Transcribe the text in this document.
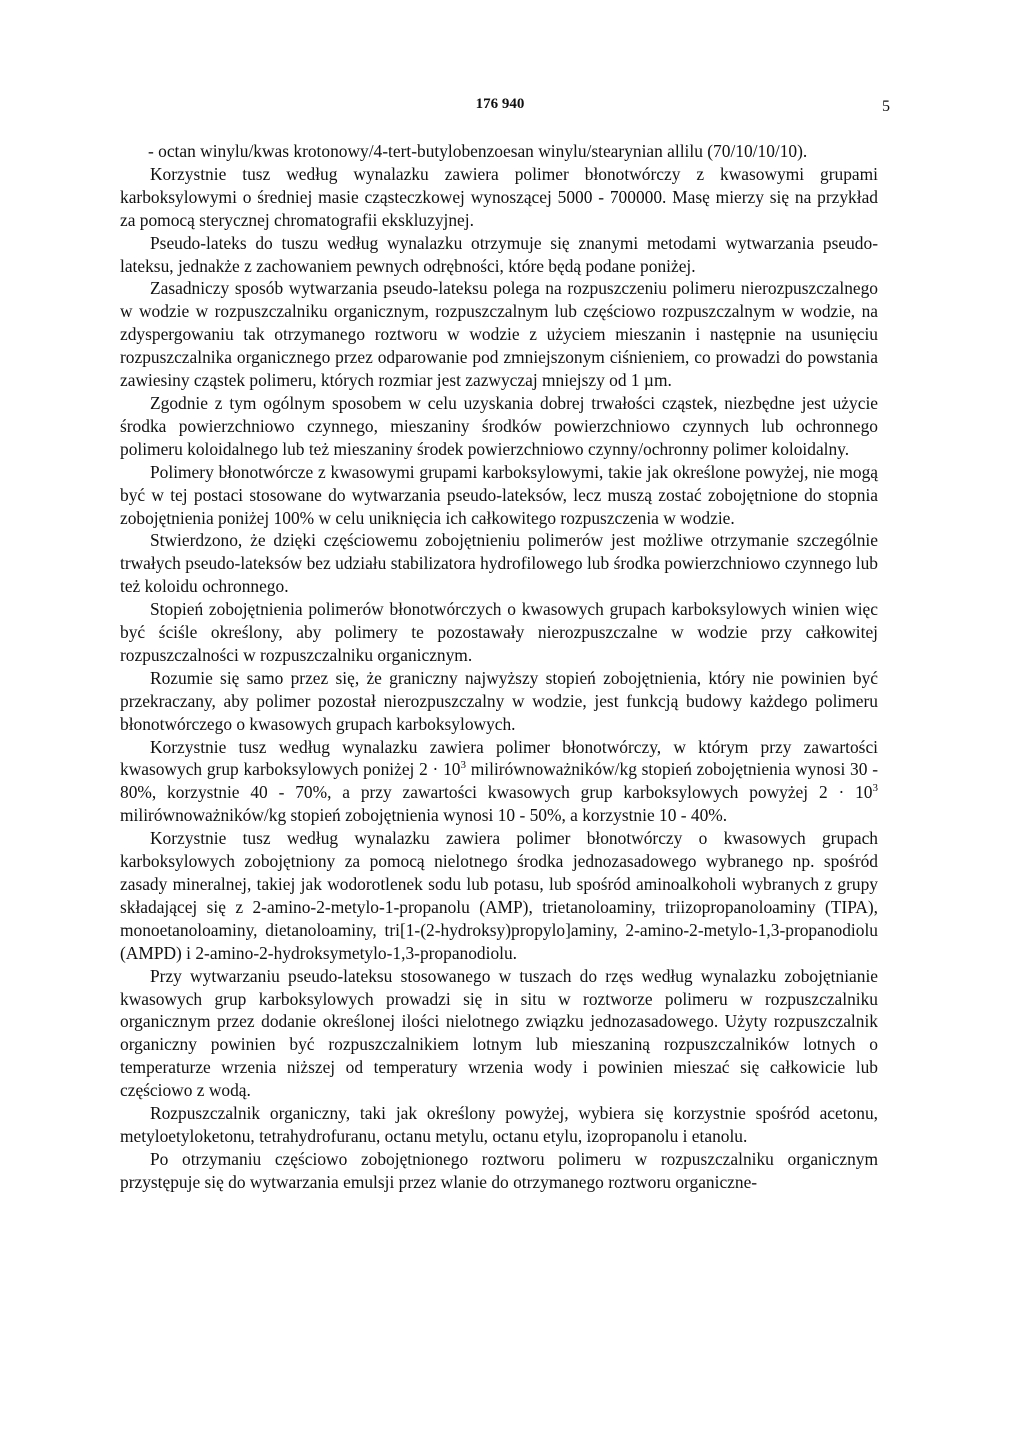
176 940	5

- octan winylu/kwas krotonowy/4-tert-butylobenzoesan winylu/stearynian allilu (70/10/10/10).

Korzystnie tusz według wynalazku zawiera polimer błonotwórczy z kwasowymi grupami karboksylowymi o średniej masie cząsteczkowej wynoszącej 5000 - 700000. Masę mierzy się na przykład za pomocą sterycznej chromatografii ekskluzyjnej.

Pseudo-lateks do tuszu według wynalazku otrzymuje się znanymi metodami wytwarzania pseudo-lateksu, jednakże z zachowaniem pewnych odrębności, które będą podane poniżej.

Zasadniczy sposób wytwarzania pseudo-lateksu polega na rozpuszczeniu polimeru nierozpuszczalnego w wodzie w rozpuszczalniku organicznym, rozpuszczalnym lub częściowo rozpuszczalnym w wodzie, na zdyspergowaniu tak otrzymanego roztworu w wodzie z użyciem mieszanin i następnie na usunięciu rozpuszczalnika organicznego przez odparowanie pod zmniejszonym ciśnieniem, co prowadzi do powstania zawiesiny cząstek polimeru, których rozmiar jest zazwyczaj mniejszy od 1 µm.

Zgodnie z tym ogólnym sposobem w celu uzyskania dobrej trwałości cząstek, niezbędne jest użycie środka powierzchniowo czynnego, mieszaniny środków powierzchniowo czynnych lub ochronnego polimeru koloidalnego lub też mieszaniny środek powierzchniowo czynny/ochronny polimer koloidalny.

Polimery błonotwórcze z kwasowymi grupami karboksylowymi, takie jak określone powyżej, nie mogą być w tej postaci stosowane do wytwarzania pseudo-lateksów, lecz muszą zostać zobojętnione do stopnia zobojętnienia poniżej 100% w celu uniknięcia ich całkowitego rozpuszczenia w wodzie.

Stwierdzono, że dzięki częściowemu zobojętnieniu polimerów jest możliwe otrzymanie szczególnie trwałych pseudo-lateksów bez udziału stabilizatora hydrofilowego lub środka powierzchniowo czynnego lub też koloidu ochronnego.

Stopień zobojętnienia polimerów błonotwórczych o kwasowych grupach karboksylowych winien więc być ściśle określony, aby polimery te pozostawały nierozpuszczalne w wodzie przy całkowitej rozpuszczalności w rozpuszczalniku organicznym.

Rozumie się samo przez się, że graniczny najwyższy stopień zobojętnienia, który nie powinien być przekraczany, aby polimer pozostał nierozpuszczalny w wodzie, jest funkcją budowy każdego polimeru błonotwórczego o kwasowych grupach karboksylowych.

Korzystnie tusz według wynalazku zawiera polimer błonotwórczy, w którym przy zawartości kwasowych grup karboksylowych poniżej $2 \cdot 10^3$ milirównoważników/kg stopień zobojętnienia wynosi 30 - 80%, korzystnie 40 - 70%, a przy zawartości kwasowych grup karboksylowych powyżej $2 \cdot 10^3$ milirównoważników/kg stopień zobojętnienia wynosi 10 - 50%, a korzystnie 10 - 40%.

Korzystnie tusz według wynalazku zawiera polimer błonotwórczy o kwasowych grupach karboksylowych zobojętniony za pomocą nielotnego środka jednozasadowego wybranego np. spośród zasady mineralnej, takiej jak wodorotlenek sodu lub potasu, lub spośród aminoalkoholi wybranych z grupy składającej się z 2-amino-2-metylo-1-propanolu (AMP), trietanoloaminy, triizopropanoloaminy (TIPA), monoetanoloaminy, dietanoloaminy, tri[1-(2-hydroksy)propylo]aminy, 2-amino-2-metylo-1,3-propanodiolu (AMPD) i 2-amino-2-hydroksymetylo-1,3-propanodiolu.

Przy wytwarzaniu pseudo-lateksu stosowanego w tuszach do rzęs według wynalazku zobojętnianie kwasowych grup karboksylowych prowadzi się in situ w roztworze polimeru w rozpuszczalniku organicznym przez dodanie określonej ilości nielotnego związku jednozasadowego. Użyty rozpuszczalnik organiczny powinien być rozpuszczalnikiem lotnym lub mieszaniną rozpuszczalników lotnych o temperaturze wrzenia niższej od temperatury wrzenia wody i powinien mieszać się całkowicie lub częściowo z wodą.

Rozpuszczalnik organiczny, taki jak określony powyżej, wybiera się korzystnie spośród acetonu, metyloetyloketonu, tetrahydrofuranu, octanu metylu, octanu etylu, izopropanolu i etanolu.

Po otrzymaniu częściowo zobojętnionego roztworu polimeru w rozpuszczalniku organicznym przystępuje się do wytwarzania emulsji przez wlanie do otrzymanego roztworu organiczne-
